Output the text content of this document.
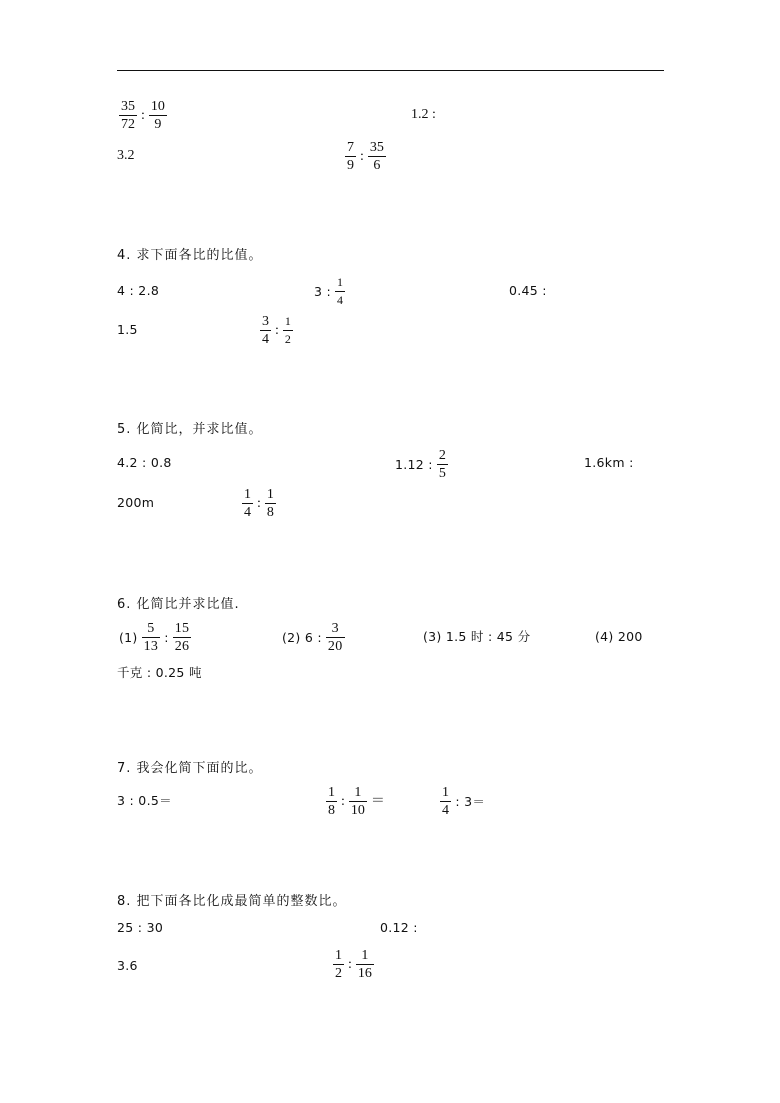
$\frac{35}{72}$ : $\frac{10}{9}$	1.2 :
3.2	$\frac{7}{9}$ : $\frac{35}{6}$
4. 求下面各比的比值。
4 : 2.8	3 : $\frac{1}{4}$	0.45 :
1.5	$\frac{3}{4}$ : $\frac{1}{2}$
5. 化简比，并求比值。
4.2 : 0.8	1.12 : $\frac{2}{5}$	1.6km :
200m	$\frac{1}{4}$ : $\frac{1}{8}$
6. 化简比并求比值.
$(1) \frac{5}{13}$ : $\frac{15}{26}$	(2) 6 : $\frac{3}{20}$	(3) 1.5 时 : 45 分	(4) 200
千克 : 0.25 吨
7. 我会化简下面的比。
3 : 0.5＝	$\frac{1}{8}$ : $\frac{1}{10}$ ＝	$\frac{1}{4}$ : 3＝
8. 把下面各比化成最简单的整数比。
25 : 30	0.12 :
3.6	$\frac{1}{2}$ : $\frac{1}{16}$
